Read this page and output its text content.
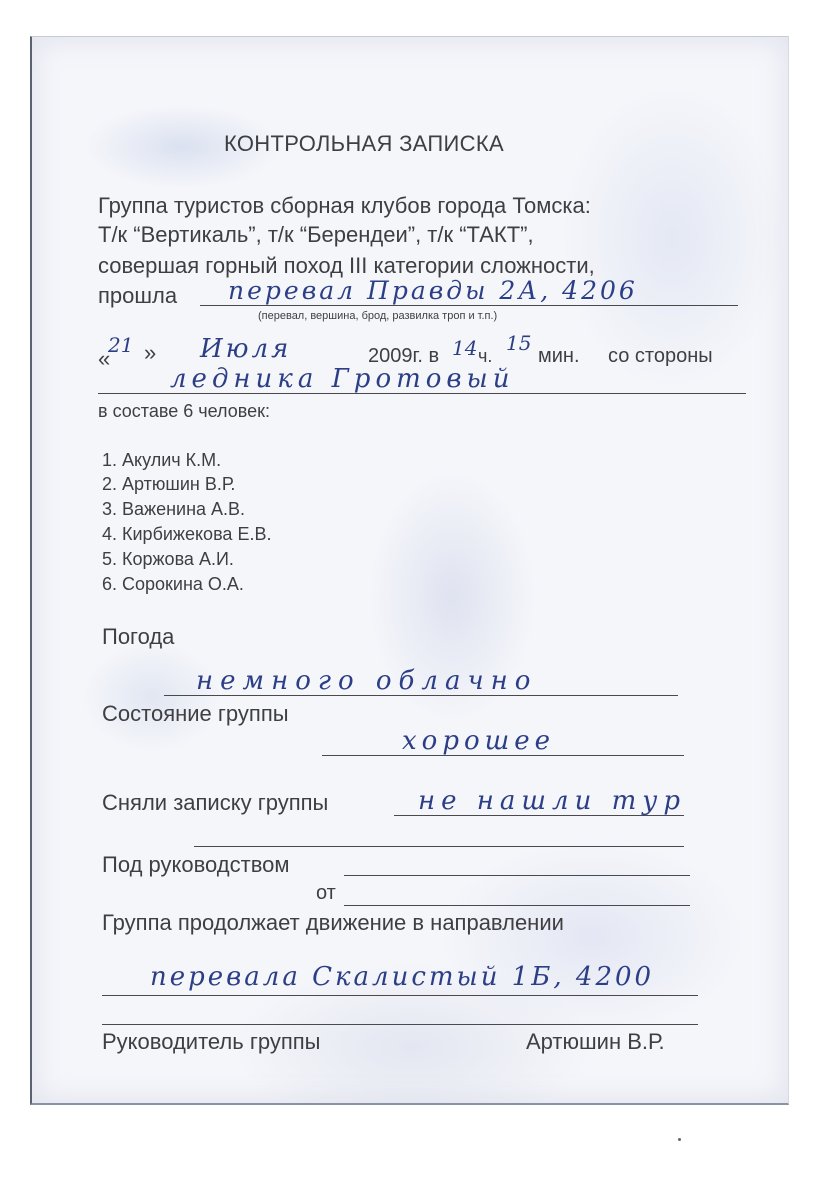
КОНТРОЛЬНАЯ ЗАПИСКА
Группа туристов сборная клубов города Томска:
Т/к “Вертикаль”, т/к “Берендеи”, т/к “ТАКТ”,
совершая горный поход III категории сложности,
прошла перевал Правды 2А, 4206
(перевал, вершина, брод, развилка троп и т.п.)
«
21 » Июля	2009г. в 14 ч.
15
мин. со стороны
ледника Гротовый
в составе 6 человек:
1. Акулич К.М.
2. Артюшин В.Р.
3. Важенина А.В.
4. Кирбижекова Е.В.
5. Коржова А.И.
6. Сорокина О.А.
Погода
немного облачно
Состояние группы
хорошее
Сняли записку группы	не нашли тур
Под руководством
от
Группа продолжает движение в направлении
перевала Скалистый 1Б, 4200
Руководитель группы	Артюшин В.Р.
